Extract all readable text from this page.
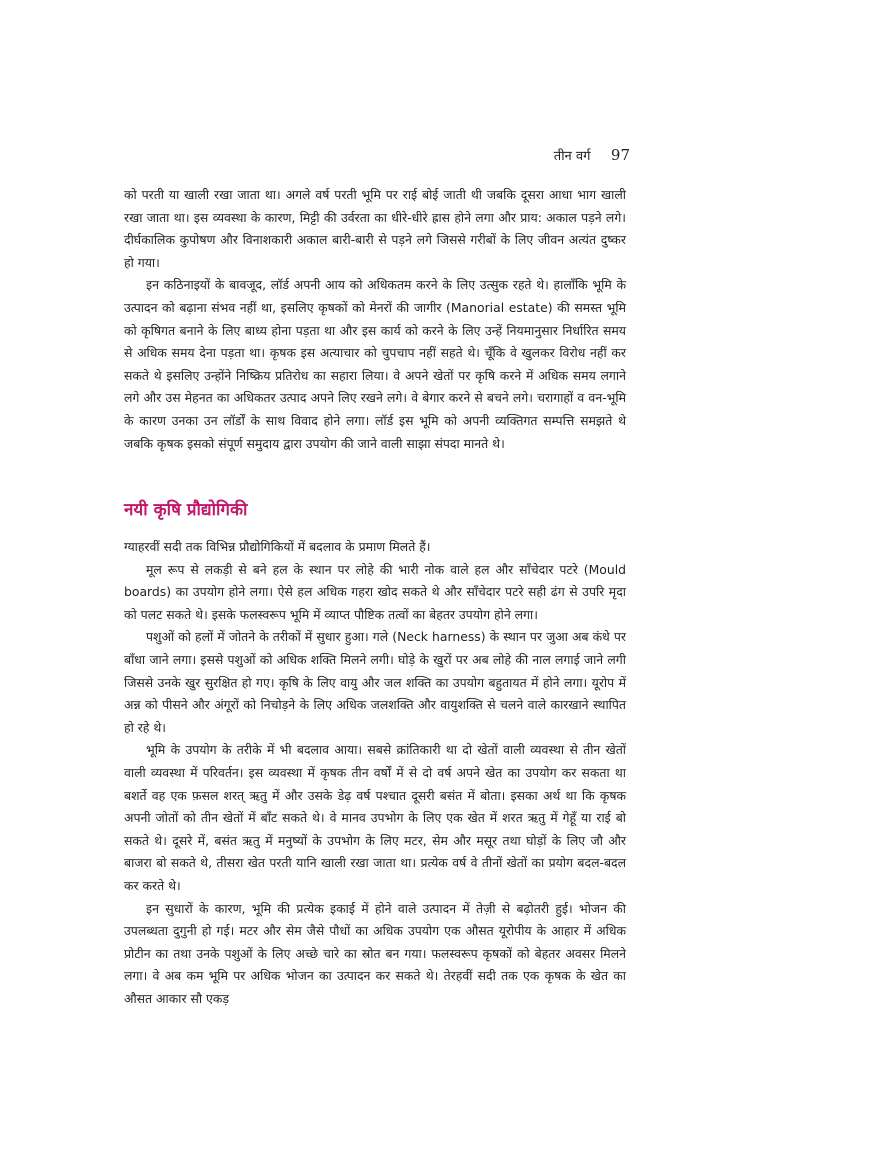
तीन वर्ग 97

को परती या खाली रखा जाता था। अगले वर्ष परती भूमि पर राई बोई जाती थी जबकि दूसरा आधा भाग खाली रखा जाता था। इस व्यवस्था के कारण, मिट्टी की उर्वरता का धीरे-धीरे ह्रास होने लगा और प्राय: अकाल पड़ने लगे। दीर्घकालिक कुपोषण और विनाशकारी अकाल बारी-बारी से पड़ने लगे जिससे गरीबों के लिए जीवन अत्यंत दुष्कर हो गया।

इन कठिनाइयों के बावजूद, लॉर्ड अपनी आय को अधिकतम करने के लिए उत्सुक रहते थे। हालाँकि भूमि के उत्पादन को बढ़ाना संभव नहीं था, इसलिए कृषकों को मेनरों की जागीर (Manorial estate) की समस्त भूमि को कृषिगत बनाने के लिए बाध्य होना पड़ता था और इस कार्य को करने के लिए उन्हें नियमानुसार निर्धारित समय से अधिक समय देना पड़ता था। कृषक इस अत्याचार को चुपचाप नहीं सहते थे। चूँकि वे खुलकर विरोध नहीं कर सकते थे इसलिए उन्होंने निष्क्रिय प्रतिरोध का सहारा लिया। वे अपने खेतों पर कृषि करने में अधिक समय लगाने लगे और उस मेहनत का अधिकतर उत्पाद अपने लिए रखने लगे। वे बेगार करने से बचने लगे। चरागाहों व वन-भूमि के कारण उनका उन लॉर्डों के साथ विवाद होने लगा। लॉर्ड इस भूमि को अपनी व्यक्तिगत सम्पत्ति समझते थे जबकि कृषक इसको संपूर्ण समुदाय द्वारा उपयोग की जाने वाली साझा संपदा मानते थे।

नयी कृषि प्रौद्योगिकी

ग्याहरवीं सदी तक विभिन्न प्रौद्योगिकियों में बदलाव के प्रमाण मिलते हैं।

मूल रूप से लकड़ी से बने हल के स्थान पर लोहे की भारी नोक वाले हल और साँचेदार पटरे (Mould boards) का उपयोग होने लगा। ऐसे हल अधिक गहरा खोद सकते थे और साँचेदार पटरे सही ढंग से उपरि मृदा को पलट सकते थे। इसके फलस्वरूप भूमि में व्याप्त पौष्टिक तत्वों का बेहतर उपयोग होने लगा।

पशुओं को हलों में जोतने के तरीकों में सुधार हुआ। गले (Neck harness) के स्थान पर जुआ अब कंधे पर बाँधा जाने लगा। इससे पशुओं को अधिक शक्ति मिलने लगी। घोड़े के खुरों पर अब लोहे की नाल लगाई जाने लगी जिससे उनके खुर सुरक्षित हो गए। कृषि के लिए वायु और जल शक्ति का उपयोग बहुतायत में होने लगा। यूरोप में अन्न को पीसने और अंगूरों को निचोड़ने के लिए अधिक जलशक्ति और वायुशक्ति से चलने वाले कारखाने स्थापित हो रहे थे।

भूमि के उपयोग के तरीके में भी बदलाव आया। सबसे क्रांतिकारी था दो खेतों वाली व्यवस्था से तीन खेतों वाली व्यवस्था में परिवर्तन। इस व्यवस्था में कृषक तीन वर्षों में से दो वर्ष अपने खेत का उपयोग कर सकता था बशर्ते वह एक फ़सल शरत् ऋतु में और उसके डेढ़ वर्ष पश्चात दूसरी बसंत में बोता। इसका अर्थ था कि कृषक अपनी जोतों को तीन खेतों में बाँट सकते थे। वे मानव उपभोग के लिए एक खेत में शरत ऋतु में गेहूँ या राई बो सकते थे। दूसरे में, बसंत ऋतु में मनुष्यों के उपभोग के लिए मटर, सेम और मसूर तथा घोड़ों के लिए जौ और बाजरा बो सकते थे, तीसरा खेत परती यानि खाली रखा जाता था। प्रत्येक वर्ष वे तीनों खेतों का प्रयोग बदल-बदल कर करते थे।

इन सुधारों के कारण, भूमि की प्रत्येक इकाई में होने वाले उत्पादन में तेज़ी से बढ़ोतरी हुई। भोजन की उपलब्धता दुगुनी हो गई। मटर और सेम जैसे पौधों का अधिक उपयोग एक औसत यूरोपीय के आहार में अधिक प्रोटीन का तथा उनके पशुओं के लिए अच्छे चारे का स्रोत बन गया। फलस्वरूप कृषकों को बेहतर अवसर मिलने लगा। वे अब कम भूमि पर अधिक भोजन का उत्पादन कर सकते थे। तेरहवीं सदी तक एक कृषक के खेत का औसत आकार सौ एकड़
